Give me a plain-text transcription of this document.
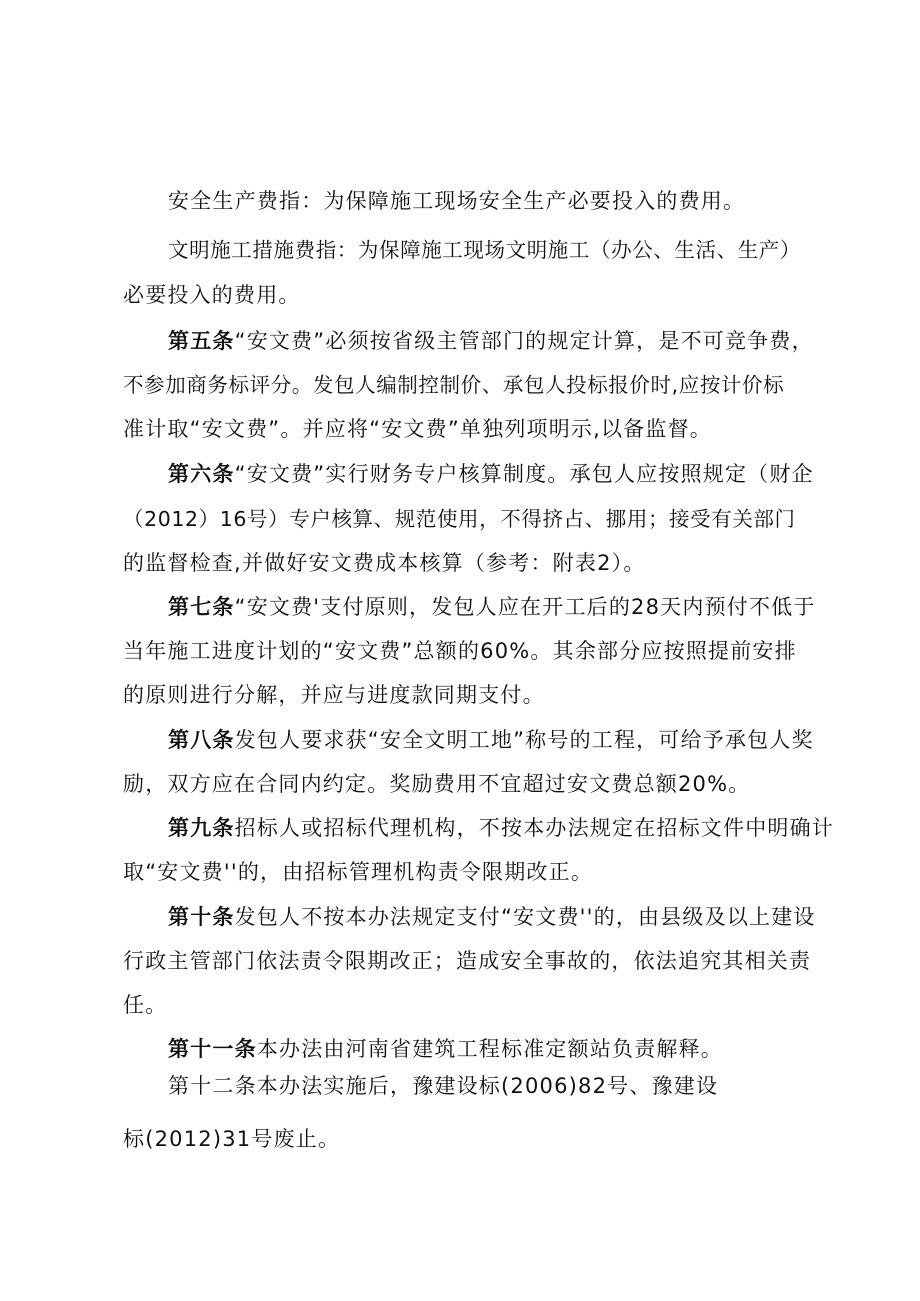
安全生产费指：为保障施工现场安全生产必要投入的费用。
文明施工措施费指：为保障施工现场文明施工（办公、生活、生产）
必要投入的费用。
第五条“安文费”必须按省级主管部门的规定计算，是不可竞争费，
不参加商务标评分。发包人编制控制价、承包人投标报价时,应按计价标
准计取“安文费”。并应将“安文费”单独列项明示,以备监督。
第六条“安文费”实行财务专户核算制度。承包人应按照规定（财企
（2012）16号）专户核算、规范使用，不得挤占、挪用；接受有关部门
的监督检查,并做好安文费成本核算（参考：附表2）。
第七条“安文费'支付原则，发包人应在开工后的28天内预付不低于
当年施工进度计划的“安文费”总额的60%。其余部分应按照提前安排
的原则进行分解，并应与进度款同期支付。
第八条发包人要求获“安全文明工地”称号的工程，可给予承包人奖
励，双方应在合同内约定。奖励费用不宜超过安文费总额20%。
第九条招标人或招标代理机构，不按本办法规定在招标文件中明确计
取“安文费''的，由招标管理机构责令限期改正。
第十条发包人不按本办法规定支付“安文费''的，由县级及以上建设
行政主管部门依法责令限期改正；造成安全事故的，依法追究其相关责
任。
第十一条本办法由河南省建筑工程标准定额站负责解释。
第十二条本办法实施后，豫建设标(2006)82号、豫建设
标(2012)31号废止。
